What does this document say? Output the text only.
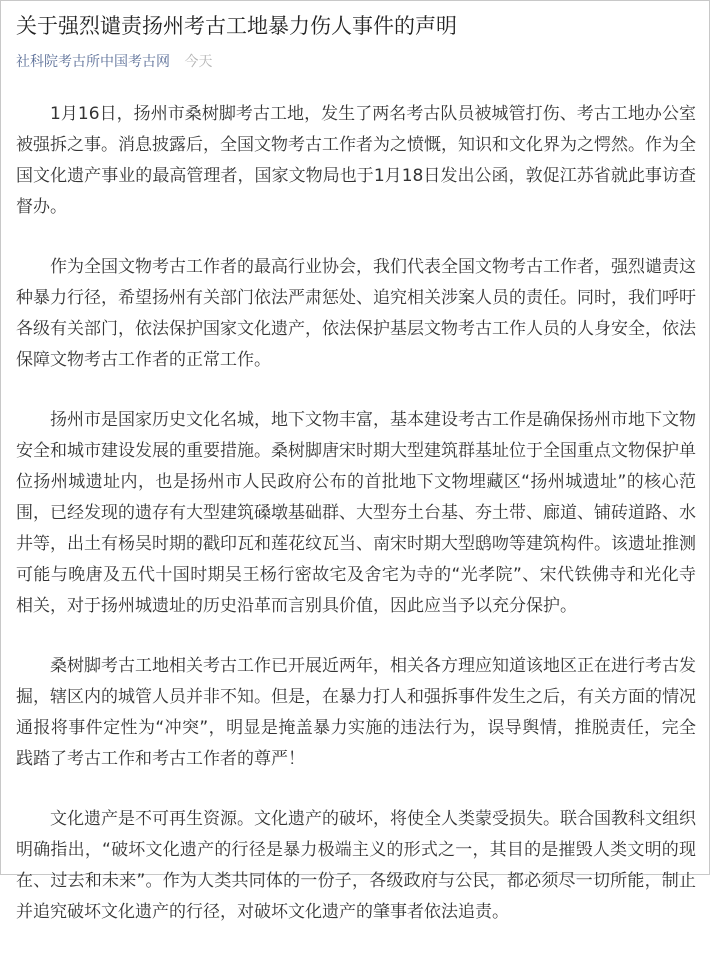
关于强烈谴责扬州考古工地暴力伤人事件的声明
社科院考古所中国考古网 今天

1月16日，扬州市桑树脚考古工地，发生了两名考古队员被城管打伤、考古工地办公室被强拆之事。消息披露后，全国文物考古工作者为之愤慨，知识和文化界为之愕然。作为全国文化遗产事业的最高管理者，国家文物局也于1月18日发出公函，敦促江苏省就此事访查督办。

作为全国文物考古工作者的最高行业协会，我们代表全国文物考古工作者，强烈谴责这种暴力行径，希望扬州有关部门依法严肃惩处、追究相关涉案人员的责任。同时，我们呼吁各级有关部门，依法保护国家文化遗产，依法保护基层文物考古工作人员的人身安全，依法保障文物考古工作者的正常工作。

扬州市是国家历史文化名城，地下文物丰富，基本建设考古工作是确保扬州市地下文物安全和城市建设发展的重要措施。桑树脚唐宋时期大型建筑群基址位于全国重点文物保护单位扬州城遗址内，也是扬州市人民政府公布的首批地下文物埋藏区“扬州城遗址”的核心范围，已经发现的遗存有大型建筑磉墩基础群、大型夯土台基、夯土带、廊道、铺砖道路、水井等，出土有杨吴时期的戳印瓦和莲花纹瓦当、南宋时期大型鸱吻等建筑构件。该遗址推测可能与晚唐及五代十国时期吴王杨行密故宅及舍宅为寺的“光孝院”、宋代铁佛寺和光化寺相关，对于扬州城遗址的历史沿革而言别具价值，因此应当予以充分保护。

桑树脚考古工地相关考古工作已开展近两年，相关各方理应知道该地区正在进行考古发掘，辖区内的城管人员并非不知。但是，在暴力打人和强拆事件发生之后，有关方面的情况通报将事件定性为“冲突”，明显是掩盖暴力实施的违法行为，误导舆情，推脱责任，完全践踏了考古工作和考古工作者的尊严！

文化遗产是不可再生资源。文化遗产的破坏，将使全人类蒙受损失。联合国教科文组织明确指出，“破坏文化遗产的行径是暴力极端主义的形式之一，其目的是摧毁人类文明的现在、过去和未来”。作为人类共同体的一份子，各级政府与公民，都必须尽一切所能，制止并追究破坏文化遗产的行径，对破坏文化遗产的肇事者依法追责。
